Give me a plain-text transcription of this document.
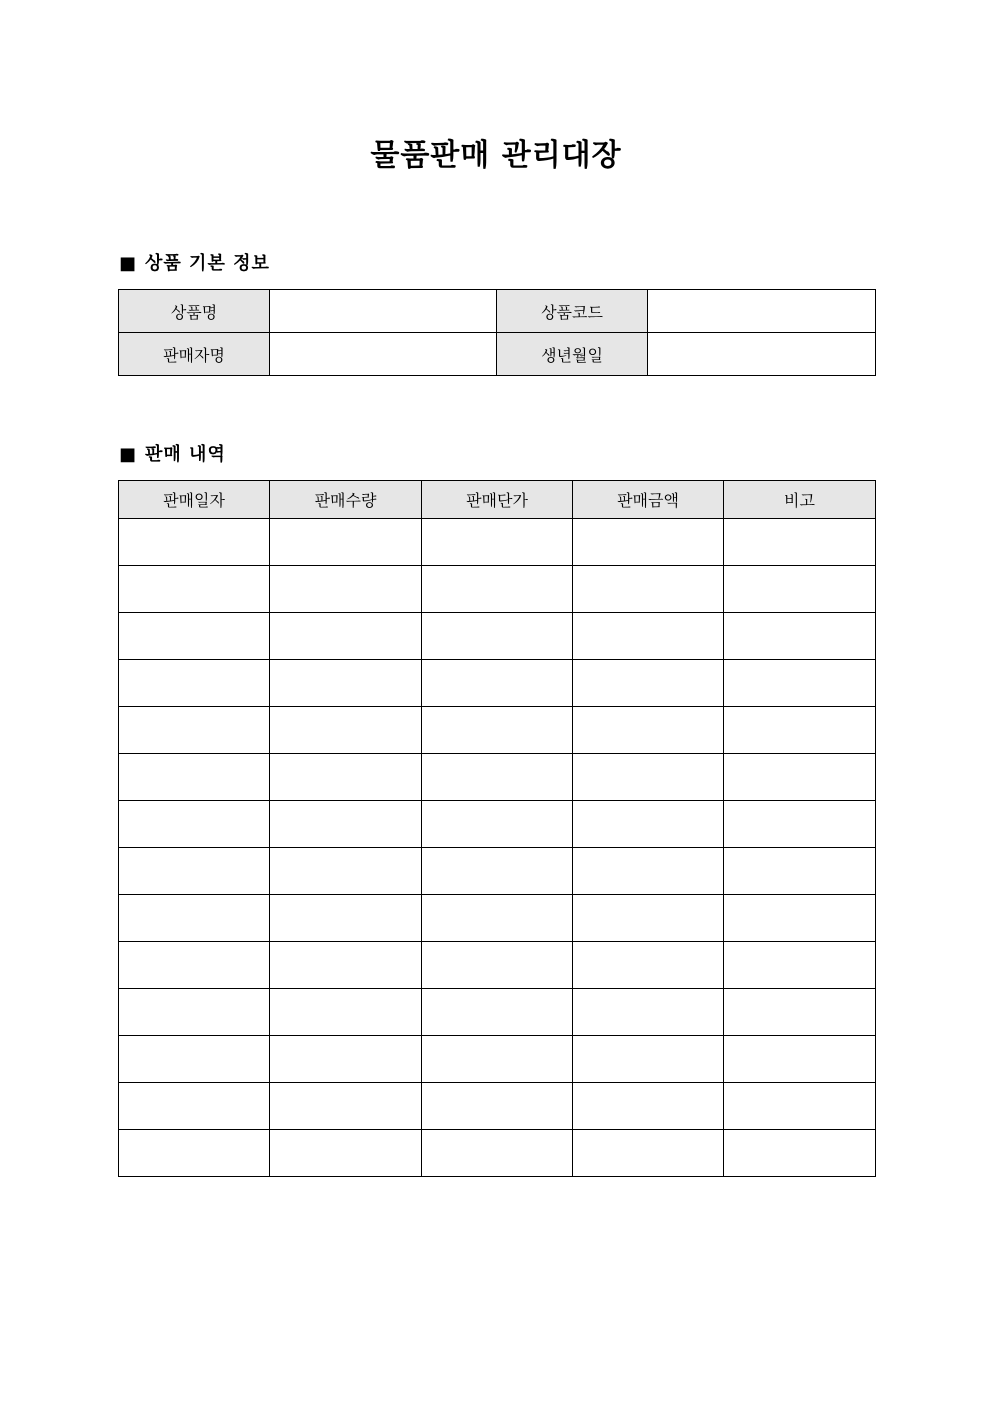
물품판매 관리대장
■ 상품 기본 정보
상품명		상품코드	
판매자명		생년월일	
■ 판매 내역
판매일자	판매수량	판매단가	판매금액	비고
